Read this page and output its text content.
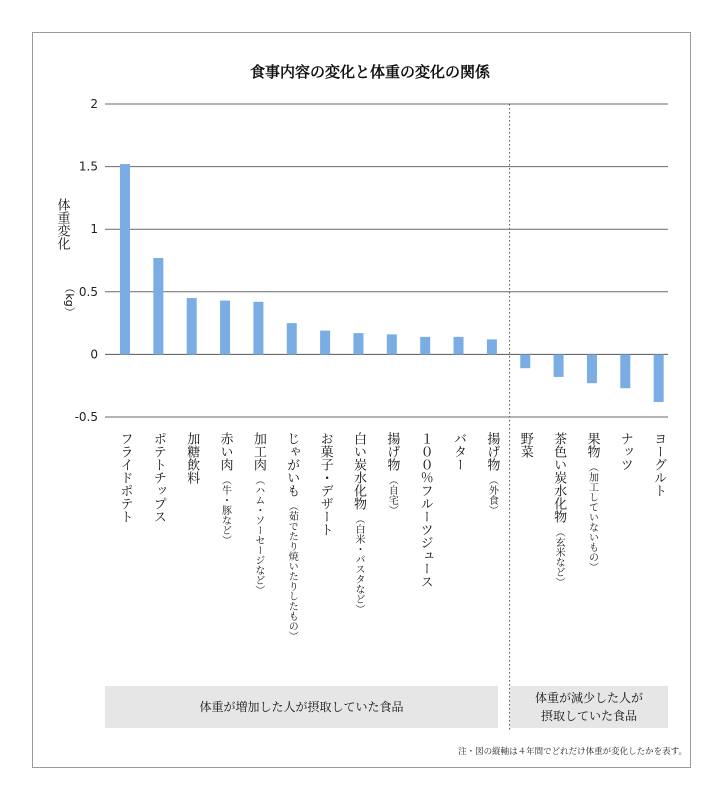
食事内容の変化と体重の変化の関係
2
1.5
1
0.5
0
-0.5
体重変化
（kg）
フライドポテト ポテトチップス 加糖飲料 赤い肉
（牛・豚など）
加工肉
（ハム・ソーセージなど）
じゃがいも
（茹でたり焼いたりしたもの）
お菓子・デザート 白い炭水化物
（白米・パスタなど）
揚げ物
（自宅） １００％フルーツジュース バター 揚げ物
（外食）
野菜 茶色い炭水化物
（玄米など）
果物
（加工していないもの）
ナッツ ヨーグルト
体重が増加した人が摂取していた食品
体重が減少した人が
摂取していた食品
注・図の縦軸は４年間でどれだけ体重が変化したかを表す。
